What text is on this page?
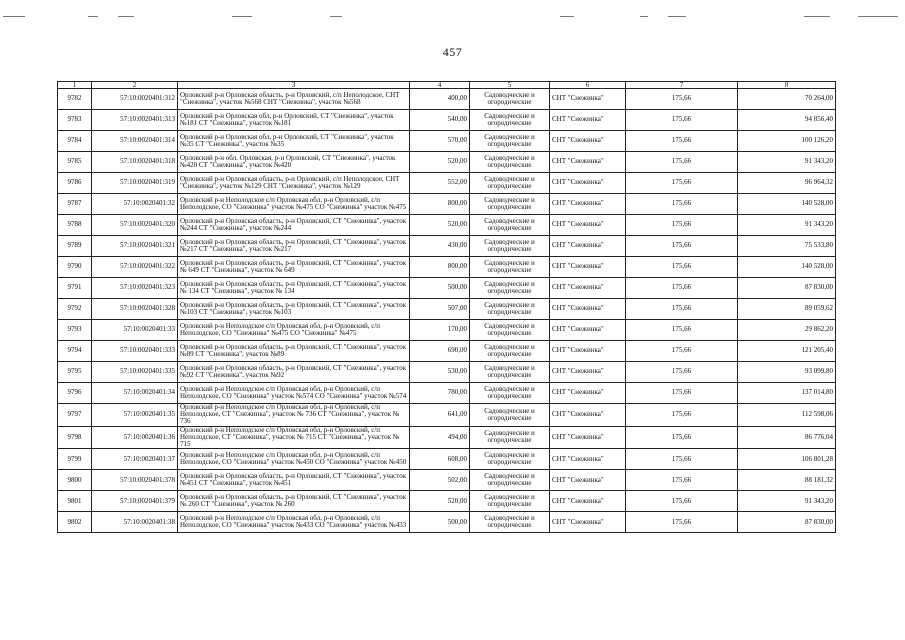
457
1	2	3	4	5	6	7	8
9782	57:10:0020401:312	Орловский р-н Орловская область, р-н Орловский, с/п Неполодское, СНТ "Снежинка", участок №568 СНТ "Снежинка", участок №568	400,00	Садоводческие и огородические	СНТ "Снежинка"	175,66	70 264,00
9783	57:10:0020401:313	Орловский р-н Орловская обл, р-н Орловский, СТ "Снежинка", участок №181 СТ "Снежинка", участок №181	540,00	Садоводческие и огородические	СНТ "Снежинка"	175,66	94 856,40
9784	57:10:0020401:314	Орловский р-н Орловская обл, р-н Орловский, СТ "Снежинка", участок №35 СТ "Снежинка", участок №35	570,00	Садоводческие и огородические	СНТ "Снежинка"	175,66	100 126,20
9785	57:10:0020401:318	Орловский р-н обл. Орловская, р-н Орловский, СТ "Снежинка", участок №420 СТ "Снежинка", участок №420	520,00	Садоводческие и огородические	СНТ "Снежинка"	175,66	91 343,20
9786	57:10:0020401:319	Орловский р-н Орловская область, р-н Орловский, с/п Неполодское, СНТ "Снежинка", участок №129 СНТ "Снежинка", участок №129	552,00	Садоводческие и огородические	СНТ "Снежинка"	175,66	96 964,32
9787	57:10:0020401:32	Орловский р-н Неполодское с/п Орловская обл, р-н Орловский, с/п Неполодское, СО "Снежинка" участок №475 СО "Снежинка" участок №475	800,00	Садоводческие и огородические	СНТ "Снежинка"	175,66	140 528,00
9788	57:10:0020401:320	Орловский р-н Орловская область, р-н Орловский, СТ "Снежинка", участок №244 СТ "Снежинка", участок №244	520,00	Садоводческие и огородические	СНТ "Снежинка"	175,66	91 343,20
9789	57:10:0020401:321	Орловский р-н Орловская область, р-н Орловский, СТ "Снежинка", участок №217 СТ "Снежинка", участок №217	430,00	Садоводческие и огородические	СНТ "Снежинка"	175,66	75 533,80
9790	57:10:0020401:322	Орловский р-н Орловская область, р-н Орловский, СТ "Снежинка", участок № 649 СТ "Снежинка", участок № 649	800,00	Садоводческие и огородические	СНТ "Снежинка"	175,66	140 528,00
9791	57:10:0020401:323	Орловский р-н Орловская область, р-н Орловский, СТ "Снежинка", участок № 134 СТ "Снежинка", участок № 134	500,00	Садоводческие и огородические	СНТ "Снежинка"	175,66	87 830,00
9792	57:10:0020401:328	Орловский р-н Орловская область, р-н Орловский, СТ "Снежинка", участок №103 СТ "Снежинка", участок №103	507,00	Садоводческие и огородические	СНТ "Снежинка"	175,66	89 059,62
9793	57:10:0020401:33	Орловский р-н Неполодское с/п Орловская обл, р-н Орловский, с/п Неполодское, СО "Снежинка" №475 СО "Снежинка" №475	170,00	Садоводческие и огородические	СНТ "Снежинка"	175,66	29 862,20
9794	57:10:0020401:333	Орловский р-н Орловская область, р-н Орловский, СТ "Снежинка", участок №89 СТ "Снежинка", участок №89	690,00	Садоводческие и огородические	СНТ "Снежинка"	175,66	121 205,40
9795	57:10:0020401:335	Орловский р-н Орловская область, р-н Орловский, СТ "Снежинка", участок №92 СТ "Снежинка", участок №92	530,00	Садоводческие и огородические	СНТ "Снежинка"	175,66	93 099,80
9796	57:10:0020401:34	Орловский р-н Неполодское с/п Орловская обл, р-н Орловский, с/п Неполодское, СО "Снежинка" участок №574 СО "Снежинка" участок №574	780,00	Садоводческие и огородические	СНТ "Снежинка"	175,66	137 014,80
9797	57:10:0020401:35	Орловский р-н Неполодское с/п Орловская обл, р-н Орловский, с/п Неполодское, СТ "Снежинка", участок № 736 СТ "Снежинка", участок № 736	641,00	Садоводческие и огородические	СНТ "Снежинка"	175,66	112 598,06
9798	57:10:0020401:36	Орловский р-н Неполодское с/п Орловская обл, р-н Орловский, с/п Неполодское, СТ "Снежинка", участок № 715 СТ "Снежинка", участок № 715	494,00	Садоводческие и огородические	СНТ "Снежинка"	175,66	86 776,04
9799	57:10:0020401:37	Орловский р-н Неполодское с/п Орловская обл, р-н Орловский, с/п Неполодское, СО "Снежинка" участок №450 СО "Снежинка" участок №450	608,00	Садоводческие и огородические	СНТ "Снежинка"	175,66	106 801,28
9800	57:10:0020401:378	Орловский р-н Орловская область, р-н Орловский, СТ "Снежинка", участок №451 СТ "Снежинка", участок №451	502,00	Садоводческие и огородические	СНТ "Снежинка"	175,66	88 181,32
9801	57:10:0020401:379	Орловский р-н Орловская область, р-н Орловский, СТ "Снежинка", участок № 260 СТ "Снежинка", участок № 260	520,00	Садоводческие и огородические	СНТ "Снежинка"	175,66	91 343,20
9802	57:10:0020401:38	Орловский р-н Неполодское с/п Орловская обл, р-н Орловский, с/п Неполодское, СО "Снежинка" участок №433 СО "Снежинка" участок №433	500,00	Садоводческие и огородические	СНТ "Снежинка"	175,66	87 830,00
